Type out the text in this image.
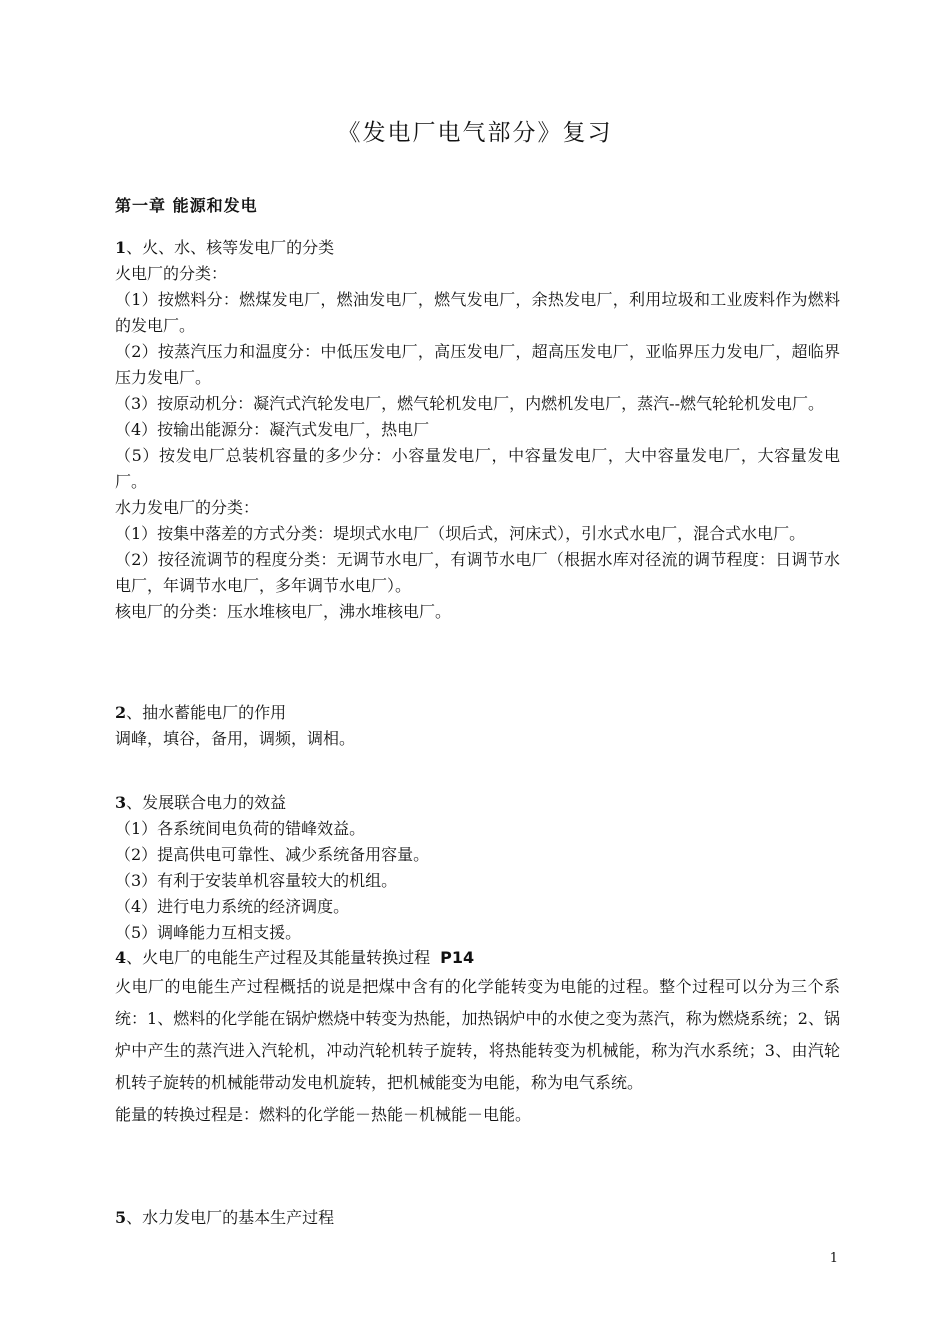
《发电厂电气部分》复习
第一章 能源和发电

1、火、水、核等发电厂的分类

火电厂的分类：

（1）按燃料分：燃煤发电厂，燃油发电厂，燃气发电厂，余热发电厂，利用垃圾和工业废料作为燃料的发电厂。

（2）按蒸汽压力和温度分：中低压发电厂，高压发电厂，超高压发电厂，亚临界压力发电厂，超临界压力发电厂。

（3）按原动机分：凝汽式汽轮发电厂，燃气轮机发电厂，内燃机发电厂，蒸汽--燃气轮轮机发电厂。

（4）按输出能源分：凝汽式发电厂，热电厂

（5）按发电厂总装机容量的多少分：小容量发电厂，中容量发电厂，大中容量发电厂，大容量发电厂。

水力发电厂的分类：

（1）按集中落差的方式分类：堤坝式水电厂（坝后式，河床式），引水式水电厂，混合式水电厂。

（2）按径流调节的程度分类：无调节水电厂，有调节水电厂（根据水库对径流的调节程度：日调节水电厂，年调节水电厂，多年调节水电厂）。

核电厂的分类：压水堆核电厂，沸水堆核电厂。

2、抽水蓄能电厂的作用

调峰，填谷，备用，调频，调相。

3、发展联合电力的效益

（1）各系统间电负荷的错峰效益。

（2）提高供电可靠性、减少系统备用容量。

（3）有利于安装单机容量较大的机组。

（4）进行电力系统的经济调度。

（5）调峰能力互相支援。

4、火电厂的电能生产过程及其能量转换过程 P14

火电厂的电能生产过程概括的说是把煤中含有的化学能转变为电能的过程。整个过程可以分为三个系统：1、燃料的化学能在锅炉燃烧中转变为热能，加热锅炉中的水使之变为蒸汽，称为燃烧系统；2、锅炉中产生的蒸汽进入汽轮机，冲动汽轮机转子旋转，将热能转变为机械能，称为汽水系统；3、由汽轮机转子旋转的机械能带动发电机旋转，把机械能变为电能，称为电气系统。

能量的转换过程是：燃料的化学能－热能－机械能－电能。

5、水力发电厂的基本生产过程

1
